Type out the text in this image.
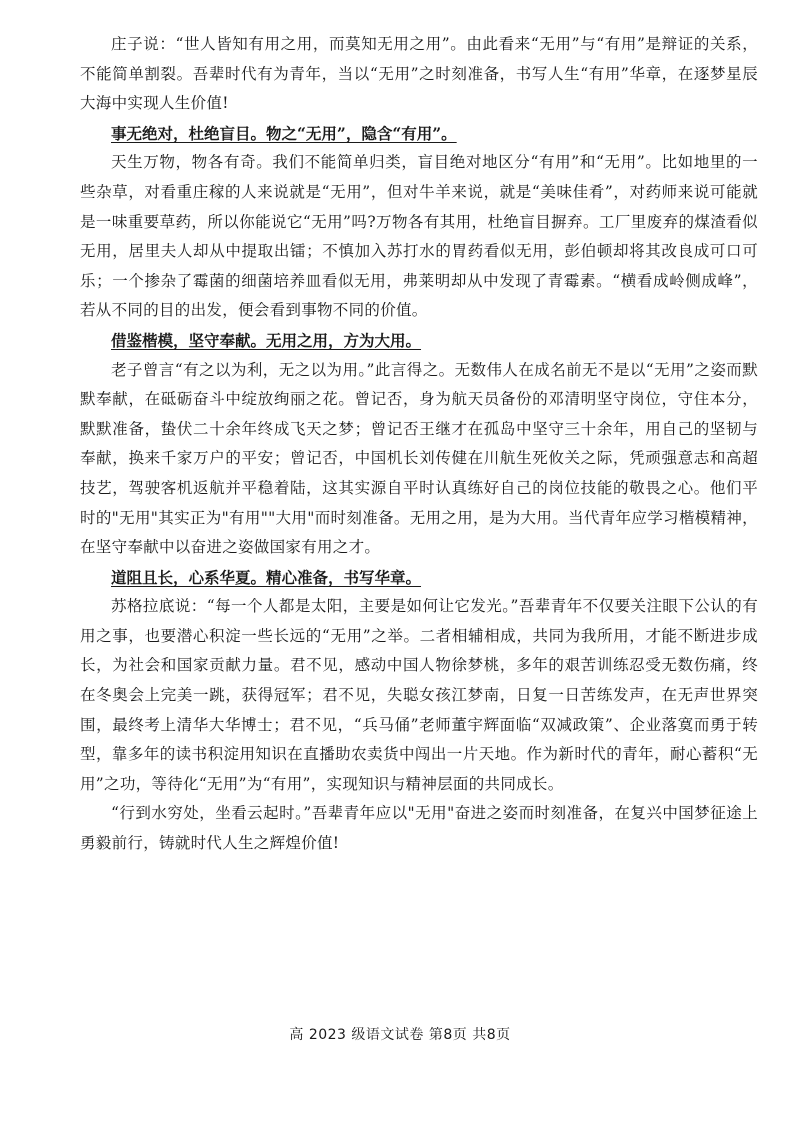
庄子说：“世人皆知有用之用，而莫知无用之用”。由此看来“无用”与“有用”是辩证的关系，不能简单割裂。吾辈时代有为青年，当以“无用”之时刻准备，书写人生“有用”华章，在逐梦星辰大海中实现人生价值!

事无绝对，杜绝盲目。物之“无用”，隐含“有用”。

天生万物，物各有奇。我们不能简单归类，盲目绝对地区分“有用”和“无用”。比如地里的一些杂草，对看重庄稼的人来说就是“无用”，但对牛羊来说，就是“美味佳肴”，对药师来说可能就是一味重要草药，所以你能说它“无用”吗?万物各有其用，杜绝盲目摒弃。工厂里废弃的煤渣看似无用，居里夫人却从中提取出镭；不慎加入苏打水的胃药看似无用，彭伯顿却将其改良成可口可乐；一个掺杂了霉菌的细菌培养皿看似无用，弗莱明却从中发现了青霉素。“横看成岭侧成峰”，若从不同的目的出发，便会看到事物不同的价值。

借鉴楷模，坚守奉献。无用之用，方为大用。

老子曾言“有之以为利，无之以为用。”此言得之。无数伟人在成名前无不是以“无用”之姿而默默奉献，在砥砺奋斗中绽放绚丽之花。曾记否，身为航天员备份的邓清明坚守岗位，守住本分，默默准备，蛰伏二十余年终成飞天之梦；曾记否王继才在孤岛中坚守三十余年，用自己的坚韧与奉献，换来千家万户的平安；曾记否，中国机长刘传健在川航生死攸关之际，凭顽强意志和高超技艺，驾驶客机返航并平稳着陆，这其实源自平时认真练好自己的岗位技能的敬畏之心。他们平时的"无用"其实正为"有用""大用"而时刻准备。无用之用，是为大用。当代青年应学习楷模精神，在坚守奉献中以奋进之姿做国家有用之才。

道阻且长，心系华夏。精心准备，书写华章。

苏格拉底说：“每一个人都是太阳，主要是如何让它发光。”吾辈青年不仅要关注眼下公认的有用之事，也要潜心积淀一些长远的“无用”之举。二者相辅相成，共同为我所用，才能不断进步成长，为社会和国家贡献力量。君不见，感动中国人物徐梦桃，多年的艰苦训练忍受无数伤痛，终在冬奥会上完美一跳，获得冠军；君不见，失聪女孩江梦南，日复一日苦练发声，在无声世界突围，最终考上清华大华博士；君不见，“兵马俑”老师董宇辉面临“双减政策”、企业落寞而勇于转型，靠多年的读书积淀用知识在直播助农卖货中闯出一片天地。作为新时代的青年，耐心蓄积“无用”之功，等待化“无用”为“有用”，实现知识与精神层面的共同成长。

“行到水穷处，坐看云起时。”吾辈青年应以"无用"奋进之姿而时刻准备，在复兴中国梦征途上勇毅前行，铸就时代人生之辉煌价值!

高 2023 级语文试卷 第8页 共8页
